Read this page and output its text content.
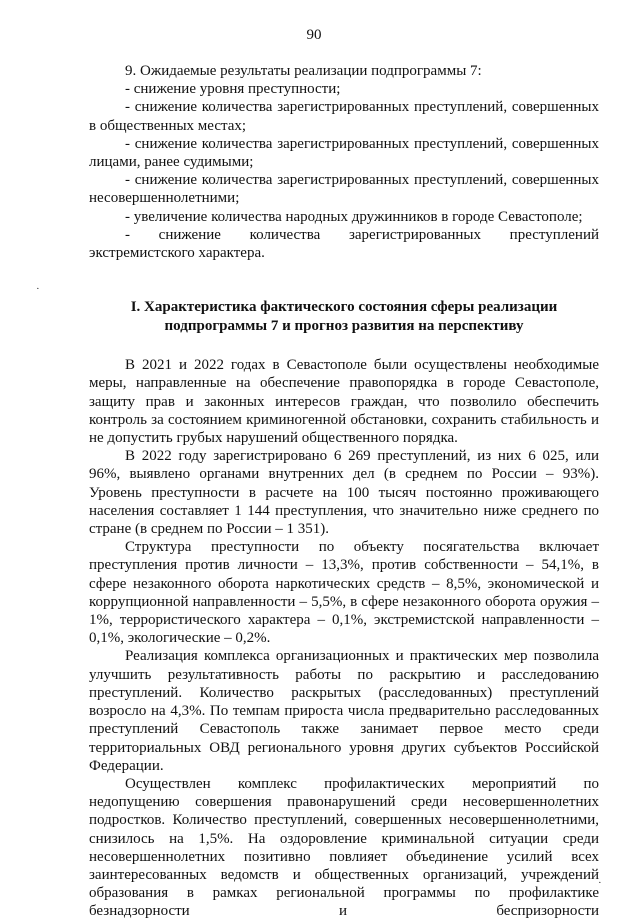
90

9. Ожидаемые результаты реализации подпрограммы 7:

- снижение уровня преступности;

- снижение количества зарегистрированных преступлений, совершенных в общественных местах;

- снижение количества зарегистрированных преступлений, совершенных лицами, ранее судимыми;

- снижение количества зарегистрированных преступлений, совершенных несовершеннолетними;

- увеличение количества народных дружинников в городе Севастополе;

- снижение количества зарегистрированных преступлений экстремистского характера.

I. Характеристика фактического состояния сферы реализации
подпрограммы 7 и прогноз развития на перспективу

В 2021 и 2022 годах в Севастополе были осуществлены необходимые меры, направленные на обеспечение правопорядка в городе Севастополе, защиту прав и законных интересов граждан, что позволило обеспечить контроль за состоянием криминогенной обстановки, сохранить стабильность и не допустить грубых нарушений общественного порядка.

В 2022 году зарегистрировано 6 269 преступлений, из них 6 025, или 96%, выявлено органами внутренних дел (в среднем по России – 93%). Уровень преступности в расчете на 100 тысяч постоянно проживающего населения составляет 1 144 преступления, что значительно ниже среднего по стране (в среднем по России – 1 351).

Структура преступности по объекту посягательства включает преступления против личности – 13,3%, против собственности – 54,1%, в сфере незаконного оборота наркотических средств – 8,5%, экономической и коррупционной направленности – 5,5%, в сфере незаконного оборота оружия – 1%, террористического характера – 0,1%, экстремистской направленности – 0,1%, экологические – 0,2%.

Реализация комплекса организационных и практических мер позволила улучшить результативность работы по раскрытию и расследованию преступлений. Количество раскрытых (расследованных) преступлений возросло на 4,3%. По темпам прироста числа предварительно расследованных преступлений Севастополь также занимает первое место среди территориальных ОВД регионального уровня других субъектов Российской Федерации.

Осуществлен комплекс профилактических мероприятий по недопущению совершения правонарушений среди несовершеннолетних подростков. Количество преступлений, совершенных несовершеннолетними, снизилось на 1,5%. На оздоровление криминальной ситуации среди несовершеннолетних позитивно повлияет объединение усилий всех заинтересованных ведомств и общественных организаций, учреждений образования в рамках региональной программы по профилактике безнадзорности и беспризорности

·
·
